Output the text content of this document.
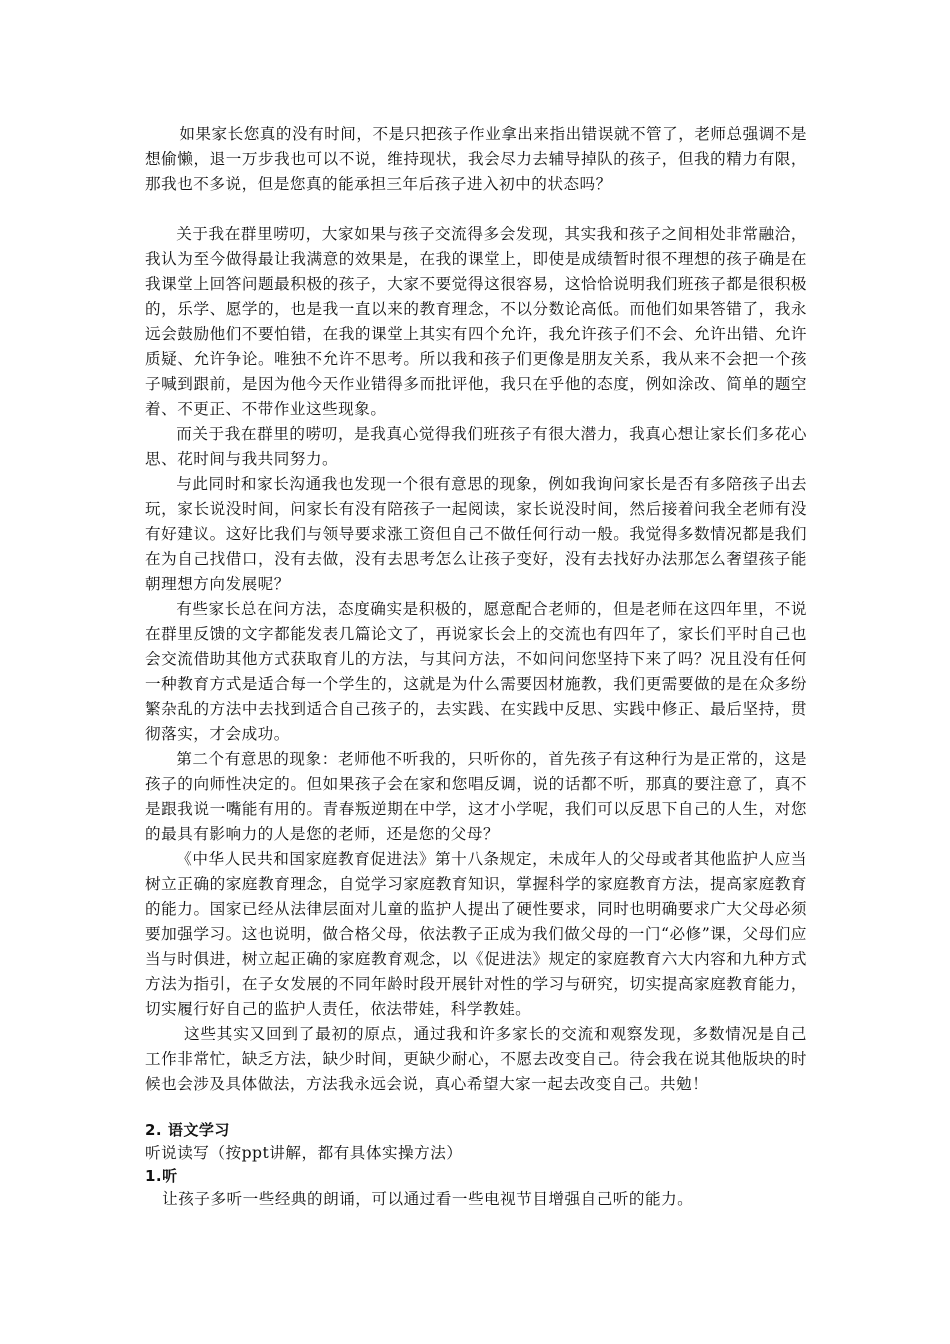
如果家长您真的没有时间，不是只把孩子作业拿出来指出错误就不管了，老师总强调不是想偷懒，退一万步我也可以不说，维持现状，我会尽力去辅导掉队的孩子，但我的精力有限，那我也不多说，但是您真的能承担三年后孩子进入初中的状态吗？

关于我在群里唠叨，大家如果与孩子交流得多会发现，其实我和孩子之间相处非常融洽，我认为至今做得最让我满意的效果是，在我的课堂上，即使是成绩暂时很不理想的孩子确是在我课堂上回答问题最积极的孩子，大家不要觉得这很容易，这恰恰说明我们班孩子都是很积极的，乐学、愿学的，也是我一直以来的教育理念，不以分数论高低。而他们如果答错了，我永远会鼓励他们不要怕错，在我的课堂上其实有四个允许，我允许孩子们不会、允许出错、允许质疑、允许争论。唯独不允许不思考。所以我和孩子们更像是朋友关系，我从来不会把一个孩子喊到跟前，是因为他今天作业错得多而批评他，我只在乎他的态度，例如涂改、简单的题空着、不更正、不带作业这些现象。

而关于我在群里的唠叨，是我真心觉得我们班孩子有很大潜力，我真心想让家长们多花心思、花时间与我共同努力。

与此同时和家长沟通我也发现一个很有意思的现象，例如我询问家长是否有多陪孩子出去玩，家长说没时间，问家长有没有陪孩子一起阅读，家长说没时间，然后接着问我全老师有没有好建议。这好比我们与领导要求涨工资但自己不做任何行动一般。我觉得多数情况都是我们在为自己找借口，没有去做，没有去思考怎么让孩子变好，没有去找好办法那怎么奢望孩子能朝理想方向发展呢？

有些家长总在问方法，态度确实是积极的，愿意配合老师的，但是老师在这四年里，不说在群里反馈的文字都能发表几篇论文了，再说家长会上的交流也有四年了，家长们平时自己也会交流借助其他方式获取育儿的方法，与其问方法，不如问问您坚持下来了吗？况且没有任何一种教育方式是适合每一个学生的，这就是为什么需要因材施教，我们更需要做的是在众多纷繁杂乱的方法中去找到适合自己孩子的，去实践、在实践中反思、实践中修正、最后坚持，贯彻落实，才会成功。

第二个有意思的现象：老师他不听我的，只听你的，首先孩子有这种行为是正常的，这是孩子的向师性决定的。但如果孩子会在家和您唱反调，说的话都不听，那真的要注意了，真不是跟我说一嘴能有用的。青春叛逆期在中学，这才小学呢，我们可以反思下自己的人生，对您的最具有影响力的人是您的老师，还是您的父母？

《中华人民共和国家庭教育促进法》第十八条规定，未成年人的父母或者其他监护人应当树立正确的家庭教育理念，自觉学习家庭教育知识，掌握科学的家庭教育方法，提高家庭教育的能力。国家已经从法律层面对儿童的监护人提出了硬性要求，同时也明确要求广大父母必须要加强学习。这也说明，做合格父母，依法教子正成为我们做父母的一门“必修”课，父母们应当与时俱进，树立起正确的家庭教育观念，以《促进法》规定的家庭教育六大内容和九种方式方法为指引，在子女发展的不同年龄时段开展针对性的学习与研究，切实提高家庭教育能力，切实履行好自己的监护人责任，依法带娃，科学教娃。

这些其实又回到了最初的原点，通过我和许多家长的交流和观察发现，多数情况是自己工作非常忙，缺乏方法，缺少时间，更缺少耐心，不愿去改变自己。待会我在说其他版块的时候也会涉及具体做法，方法我永远会说，真心希望大家一起去改变自己。共勉！

2. 语文学习

听说读写（按ppt讲解，都有具体实操方法）

1.听

让孩子多听一些经典的朗诵，可以通过看一些电视节目增强自己听的能力。
